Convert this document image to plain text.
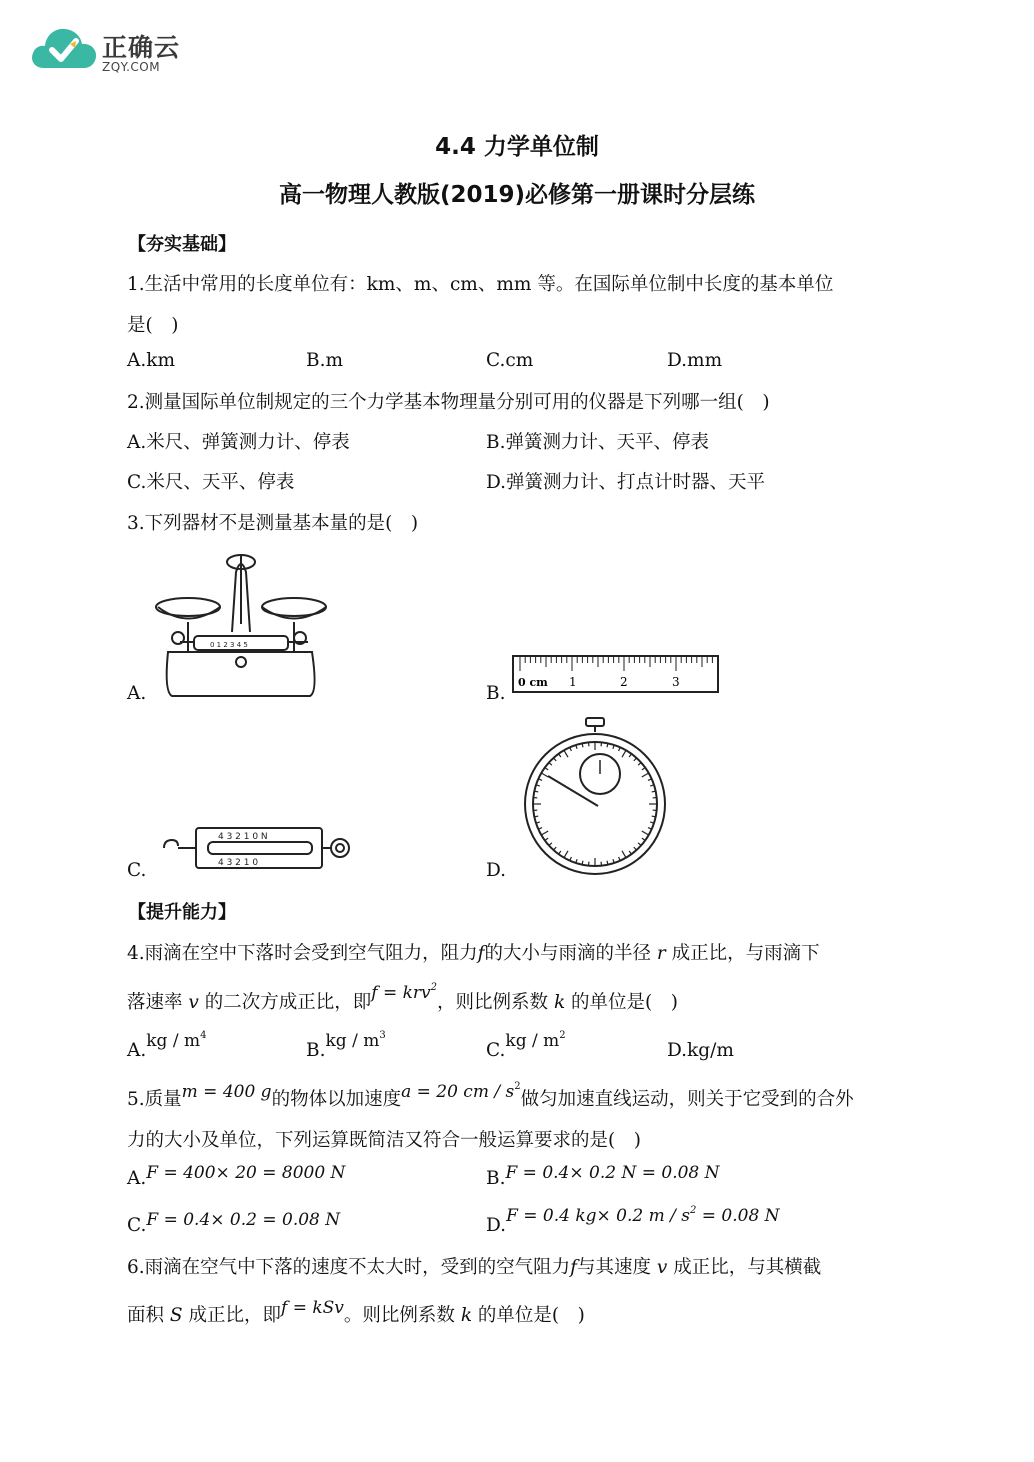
正确云
ZQY.COM
4.4 力学单位制
高一物理人教版(2019)必修第一册课时分层练
【夯实基础】
1.生活中常用的长度单位有：km、m、cm、mm 等。在国际单位制中长度的基本单位
是(　)
A.km	B.m	C.cm	D.mm
2.测量国际单位制规定的三个力学基本物理量分别可用的仪器是下列哪一组(　)
A.米尺、弹簧测力计、停表	B.弹簧测力计、天平、停表
C.米尺、天平、停表	D.弹簧测力计、打点计时器、天平
3.下列器材不是测量基本量的是(　)
A.
0 1 2 3 4 5
B.
0 cm 1	2	3
C.
4 3 2 1 0 N
4 3 2 1 0	D.
【提升能力】
4.雨滴在空中下落时会受到空气阻力，阻力f的大小与雨滴的半径 r 成正比，与雨滴下
落速率 v 的二次方成正比，即f = krv$^2$，则比例系数 k 的单位是(　)
$A.kg / m^4$
$B.kg / m^3$
$C.kg / m^2$
D.kg/m
5.质量m = 400 g的物体以加速度a = 20 cm / $s^2$做匀加速直线运动，则关于它受到的合外
力的大小及单位，下列运算既简洁又符合一般运算要求的是(　)
A.F = 400× 20 = 8000 N	B.F = 0.4× 0.2 N = 0.08 N
C.F = 0.4× 0.2 = 0.08 N	D.F = 0.4 kg× 0.2 $m / s^2 = 0.08$ N
6.雨滴在空气中下落的速度不太大时，受到的空气阻力f与其速度 v 成正比，与其横截
面积 S 成正比，即f = kSv。则比例系数 k 的单位是(　)
